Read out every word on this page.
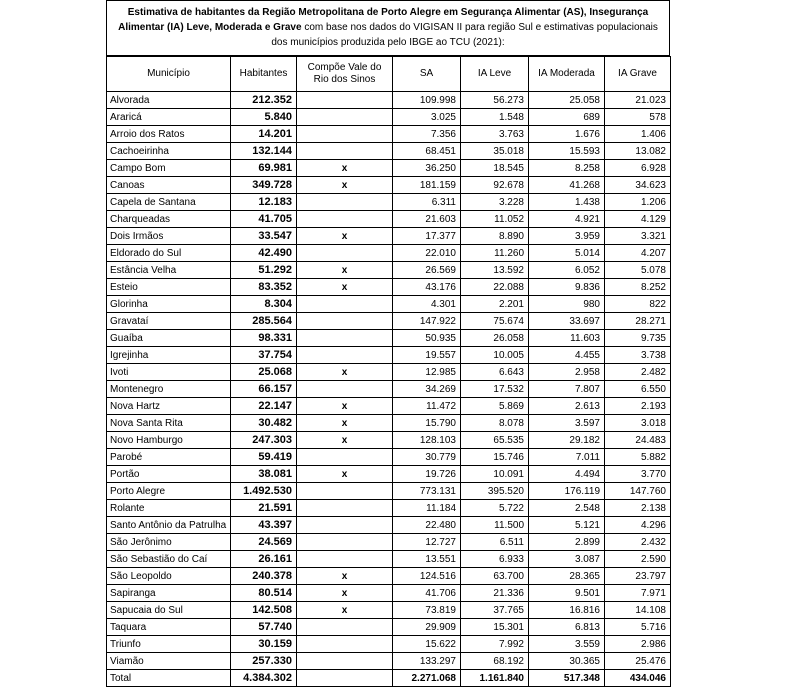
Estimativa de habitantes da Região Metropolitana de Porto Alegre em Segurança Alimentar (AS), Insegurança Alimentar (IA) Leve, Moderada e Grave com base nos dados do VIGISAN II para região Sul e estimativas populacionais dos municípios produzida pelo IBGE ao TCU (2021):
Município	Habitantes	Compõe Vale do Rio dos Sinos	SA	IA Leve	IA Moderada	IA Grave
Alvorada	212.352		109.998	56.273	25.058	21.023
Araricá	5.840		3.025	1.548	689	578
Arroio dos Ratos	14.201		7.356	3.763	1.676	1.406
Cachoeirinha	132.144		68.451	35.018	15.593	13.082
Campo Bom	69.981	x	36.250	18.545	8.258	6.928
Canoas	349.728	x	181.159	92.678	41.268	34.623
Capela de Santana	12.183		6.311	3.228	1.438	1.206
Charqueadas	41.705		21.603	11.052	4.921	4.129
Dois Irmãos	33.547	x	17.377	8.890	3.959	3.321
Eldorado do Sul	42.490		22.010	11.260	5.014	4.207
Estância Velha	51.292	x	26.569	13.592	6.052	5.078
Esteio	83.352	x	43.176	22.088	9.836	8.252
Glorinha	8.304		4.301	2.201	980	822
Gravataí	285.564		147.922	75.674	33.697	28.271
Guaíba	98.331		50.935	26.058	11.603	9.735
Igrejinha	37.754		19.557	10.005	4.455	3.738
Ivoti	25.068	x	12.985	6.643	2.958	2.482
Montenegro	66.157		34.269	17.532	7.807	6.550
Nova Hartz	22.147	x	11.472	5.869	2.613	2.193
Nova Santa Rita	30.482	x	15.790	8.078	3.597	3.018
Novo Hamburgo	247.303	x	128.103	65.535	29.182	24.483
Parobé	59.419		30.779	15.746	7.011	5.882
Portão	38.081	x	19.726	10.091	4.494	3.770
Porto Alegre	1.492.530		773.131	395.520	176.119	147.760
Rolante	21.591		11.184	5.722	2.548	2.138
Santo Antônio da Patrulha	43.397		22.480	11.500	5.121	4.296
São Jerônimo	24.569		12.727	6.511	2.899	2.432
São Sebastião do Caí	26.161		13.551	6.933	3.087	2.590
São Leopoldo	240.378	x	124.516	63.700	28.365	23.797
Sapiranga	80.514	x	41.706	21.336	9.501	7.971
Sapucaia do Sul	142.508	x	73.819	37.765	16.816	14.108
Taquara	57.740		29.909	15.301	6.813	5.716
Triunfo	30.159		15.622	7.992	3.559	2.986
Viamão	257.330		133.297	68.192	30.365	25.476
Total	4.384.302		2.271.068	1.161.840	517.348	434.046
